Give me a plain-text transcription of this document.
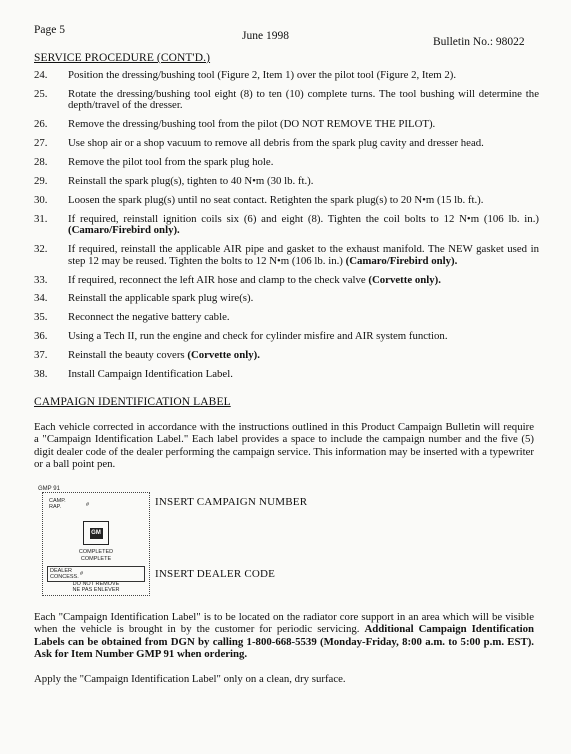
Page 5	June 1998	Bulletin No.: 98022
SERVICE PROCEDURE (CONT'D.)
24.	Position the dressing/bushing tool (Figure 2, Item 1) over the pilot tool (Figure 2, Item 2).
25.	Rotate the dressing/bushing tool eight (8) to ten (10) complete turns. The tool bushing will determine the depth/travel of the dresser.
26.	Remove the dressing/bushing tool from the pilot (DO NOT REMOVE THE PILOT).
27.	Use shop air or a shop vacuum to remove all debris from the spark plug cavity and dresser head.
28.	Remove the pilot tool from the spark plug hole.
29.	Reinstall the spark plug(s), tighten to 40 N•m (30 lb. ft.).
30.	Loosen the spark plug(s) until no seat contact. Retighten the spark plug(s) to 20 N•m (15 lb. ft.).
31.	If required, reinstall ignition coils six (6) and eight (8). Tighten the coil bolts to 12 N•m (106 lb. in.) (Camaro/Firebird only).
32.	If required, reinstall the applicable AIR pipe and gasket to the exhaust manifold. The NEW gasket used in step 12 may be reused. Tighten the bolts to 12 N•m (106 lb. in.) (Camaro/Firebird only).
33.	If required, reconnect the left AIR hose and clamp to the check valve (Corvette only).
34.	Reinstall the applicable spark plug wire(s).
35.	Reconnect the negative battery cable.
36.	Using a Tech II, run the engine and check for cylinder misfire and AIR system function.
37.	Reinstall the beauty covers (Corvette only).
38.	Install Campaign Identification Label.
CAMPAIGN IDENTIFICATION LABEL

Each vehicle corrected in accordance with the instructions outlined in this Product Campaign Bulletin will require a "Campaign Identification Label." Each label provides a space to include the campaign number and the five (5) digit dealer code of the dealer performing the campaign service. This information may be inserted with a typewriter or a ball point pen.

GMP 91
CAMP.
RAP.	#
GM
COMPLETED
COMPLETE
DEALER
CONCESS. #
DO NOT REMOVE
NE PAS ENLEVER
INSERT CAMPAIGN NUMBER
INSERT DEALER CODE

Each "Campaign Identification Label" is to be located on the radiator core support in an area which will be visible when the vehicle is brought in by the customer for periodic servicing. Additional Campaign Identification Labels can be obtained from DGN by calling 1-800-668-5539 (Monday-Friday, 8:00 a.m. to 5:00 p.m. EST). Ask for Item Number GMP 91 when ordering.

Apply the "Campaign Identification Label" only on a clean, dry surface.
